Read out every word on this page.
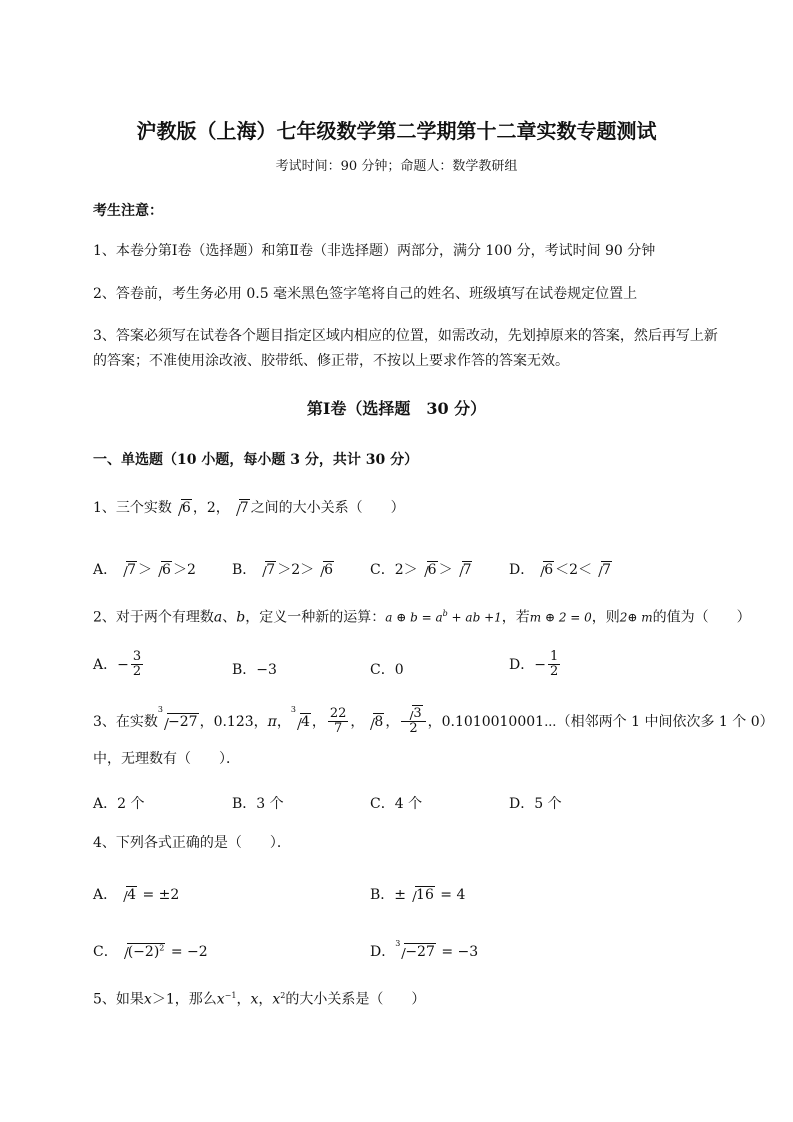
沪教版（上海）七年级数学第二学期第十二章实数专题测试
考试时间：90 分钟；命题人：数学教研组
考生注意：
1、本卷分第Ⅰ卷（选择题）和第Ⅱ卷（非选择题）两部分，满分 100 分，考试时间 90 分钟
2、答卷前，考生务必用 0.5 毫米黑色签字笔将自己的姓名、班级填写在试卷规定位置上
3、答案必须写在试卷各个题目指定区域内相应的位置，如需改动，先划掉原来的答案，然后再写上新
的答案；不准使用涂改液、胶带纸、修正带，不按以上要求作答的答案无效。
第Ⅰ卷（选择题　30 分）
一、单选题（10 小题，每小题 3 分，共计 30 分）
1、三个实数 6 ，2， 7 之间的大小关系（　　）
A． 7 ＞ 6 ＞2	B． 7 ＞2＞ 6	C．2＞ 6 ＞ 7	D． 6 ＜2＜ 7
2、对于两个有理数a、b，定义一种新的运算：a ⊕ $b = a^b$ + ab +1，若m ⊕ 2 = 0，则2⊕ m的值为（　　）
A．− $\frac{3}{2}$	B．−3	C．0	D．− $\frac{1}{2}$
3、在实数$^3$−27 ，0.12̇3̇，π，$^3$4 ， $\frac{22}{7}$ ， 8 ， $\frac{3}{2}$ ，0.1010010001⋯（相邻两个 1 中间依次多 1 个 0）
中，无理数有（　　）．
A．2 个	B．3 个	C．4 个	D．5 个
4、下列各式正确的是（　　）．
A． 4 = ±2	B．± 16 = 4
C． $(-2)^2 = -2$	D．$^3$−27 = −3
5、如果x＞1，那么$x^{-1}$，x，$x^2$的大小关系是（　　）
